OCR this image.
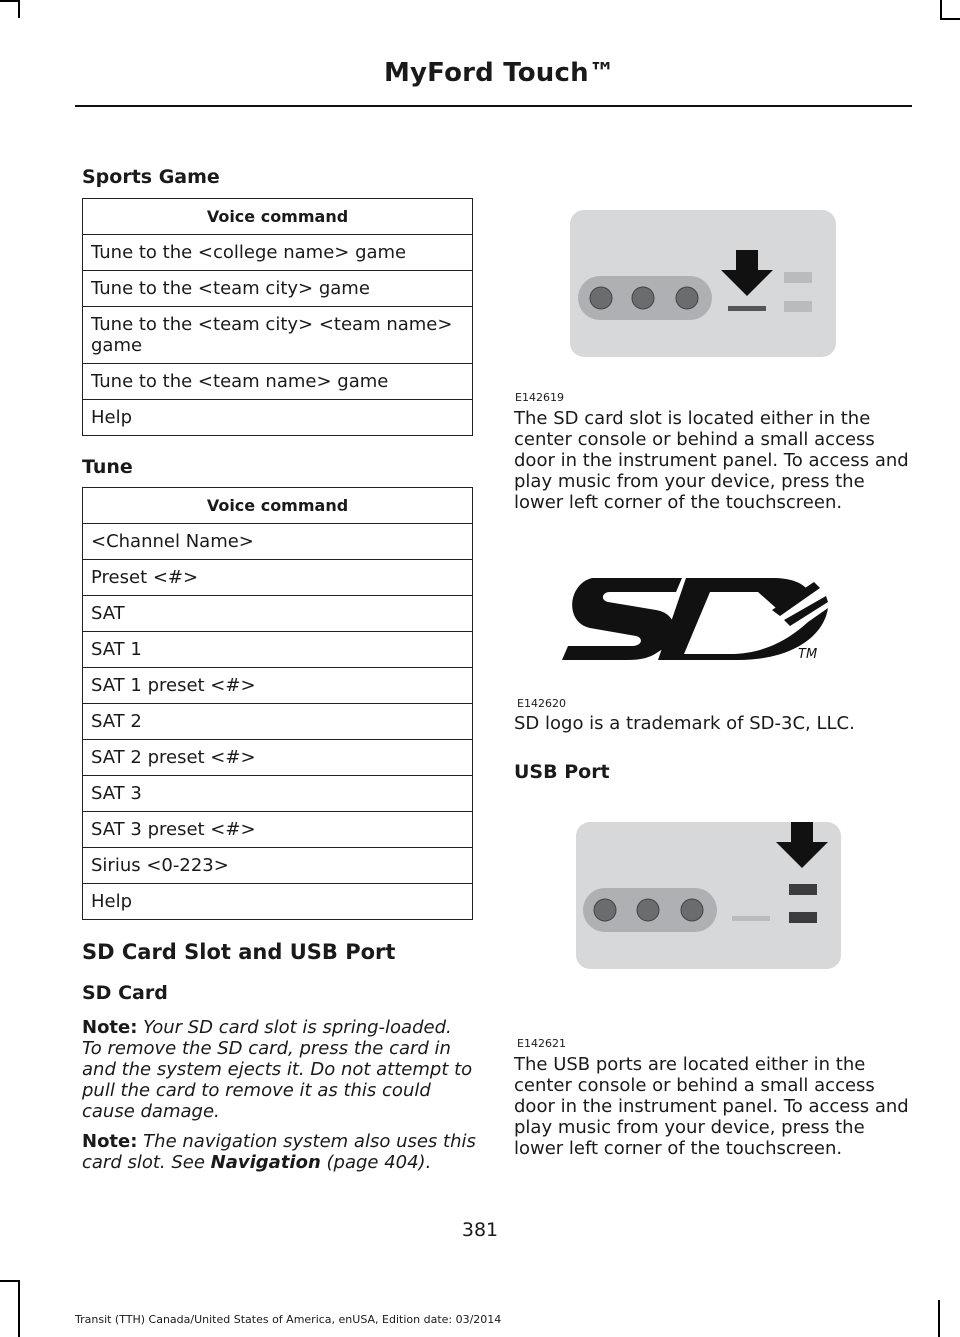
MyFord Touch™
Sports Game
Voice command
Tune to the <college name> game
Tune to the <team city> game
Tune to the <team city> <team name> game
Tune to the <team name> game
Help
Tune
Voice command
<Channel Name>
Preset <#>
SAT
SAT 1
SAT 1 preset <#>
SAT 2
SAT 2 preset <#>
SAT 3
SAT 3 preset <#>
Sirius <0-223>
Help
SD Card Slot and USB Port
SD Card
Note: Your SD card slot is spring-loaded. To remove the SD card, press the card in and the system ejects it. Do not attempt to pull the card to remove it as this could cause damage.
Note: The navigation system also uses this card slot. See Navigation (page 404).
E142619
The SD card slot is located either in the center console or behind a small access door in the instrument panel. To access and play music from your device, press the lower left corner of the touchscreen.
TM
E142620
SD logo is a trademark of SD-3C, LLC.
USB Port
E142621
The USB ports are located either in the center console or behind a small access door in the instrument panel. To access and play music from your device, press the lower left corner of the touchscreen.
381
Transit (TTH) Canada/United States of America, enUSA, Edition date: 03/2014
